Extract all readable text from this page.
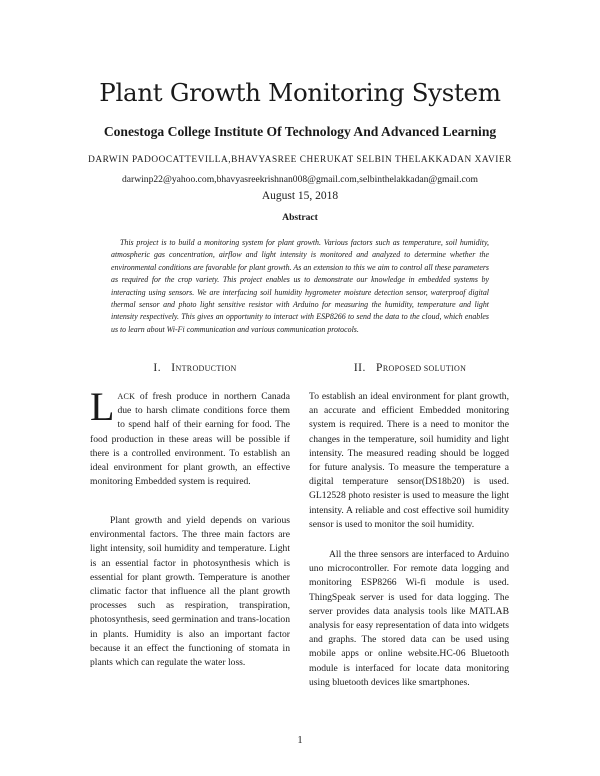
Plant Growth Monitoring System
Conestoga College Institute Of Technology And Advanced Learning
DARWIN PADOOCATTEVILLA,BHAVYASREE CHERUKAT SELBIN THELAKKADAN XAVIER
darwinp22@yahoo.com,bhavyasreekrishnan008@gmail.com,selbinthelakkadan@gmail.com
August 15, 2018
Abstract
This project is to build a monitoring system for plant growth. Various factors such as temperature, soil humidity, atmospheric gas concentration, airflow and light intensity is monitored and analyzed to determine whether the environmental conditions are favorable for plant growth. As an extension to this we aim to control all these parameters as required for the crop variety. This project enables us to demonstrate our knowledge in embedded systems by interacting using sensors. We are interfacing soil humidity hygrometer moisture detection sensor, waterproof digital thermal sensor and photo light sensitive resistor with Arduino for measuring the humidity, temperature and light intensity respectively. This gives an opportunity to interact with ESP8266 to send the data to the cloud, which enables us to learn about Wi-Fi communication and various communication protocols.
I. INTRODUCTION	II. PROPOSED SOLUTION

LACK of fresh produce in northern Canada due to harsh climate conditions force them to spend half of their earning for food. The food production in these areas will be possible if there is a controlled environment. To establish an ideal environment for plant growth, an effective monitoring Embedded system is required.

Plant growth and yield depends on various environmental factors. The three main factors are light intensity, soil humidity and temperature. Light is an essential factor in photosynthesis which is essential for plant growth. Temperature is another climatic factor that influence all the plant growth processes such as respiration, transpiration, photosynthesis, seed germination and trans-location in plants. Humidity is also an important factor because it an effect the functioning of stomata in plants which can regulate the water loss.
To establish an ideal environment for plant growth, an accurate and efficient Embedded monitoring system is required. There is a need to monitor the changes in the temperature, soil humidity and light intensity. The measured reading should be logged for future analysis. To measure the temperature a digital temperature sensor(DS18b20) is used. GL12528 photo resister is used to measure the light intensity. A reliable and cost effective soil humidity sensor is used to monitor the soil humidity.
All the three sensors are interfaced to Arduino uno microcontroller. For remote data logging and monitoring ESP8266 Wi-fi module is used. ThingSpeak server is used for data logging. The server provides data analysis tools like MATLAB analysis for easy representation of data into widgets and graphs. The stored data can be used using mobile apps or online website.HC-06 Bluetooth module is interfaced for locate data monitoring using bluetooth devices like smartphones.
1
